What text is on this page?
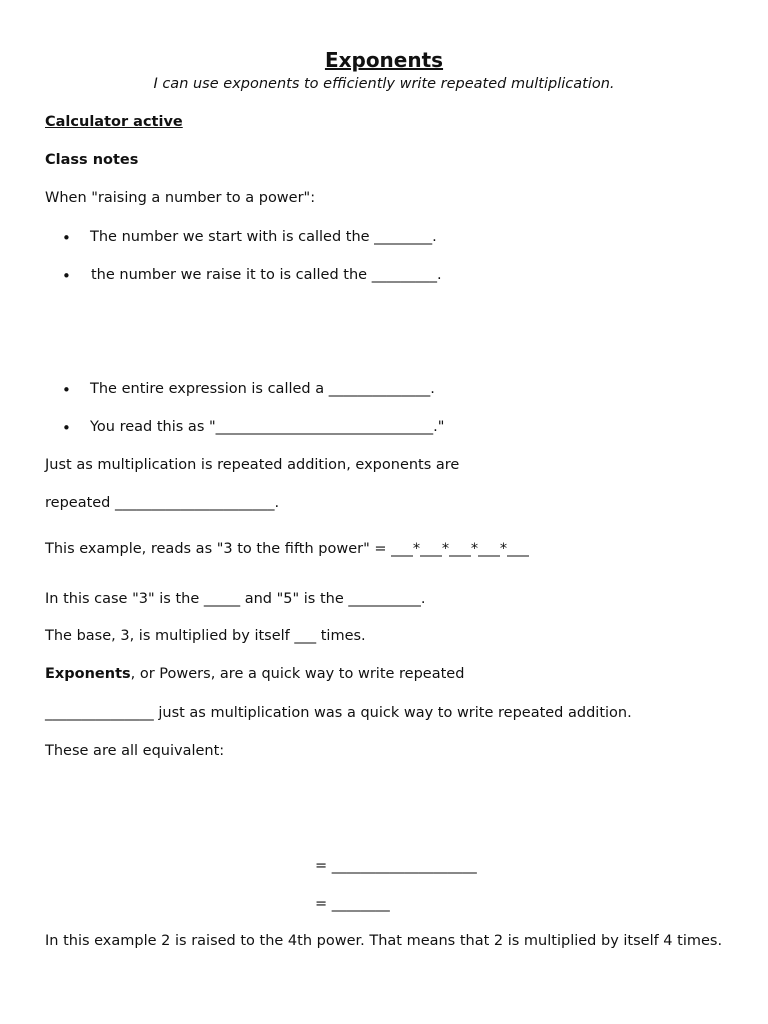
Exponents
I can use exponents to efficiently write repeated multiplication.
Calculator active
Class notes
When "raising a number to a power":
• The number we start with is called the ________.
• the number we raise it to is called the _________.
• The entire expression is called a ______________.
• You read this as "______________________________."
Just as multiplication is repeated addition, exponents are
repeated ______________________.
This example, reads as "3 to the fifth power" = ___*___*___*___*___
In this case "3" is the _____ and "5" is the __________.
The base, 3, is multiplied by itself ___ times.
Exponents, or Powers, are a quick way to write repeated
_______________ just as multiplication was a quick way to write repeated addition.
These are all equivalent:
= ____________________
= ________
In this example 2 is raised to the 4th power. That means that 2 is multiplied by itself 4 times.
